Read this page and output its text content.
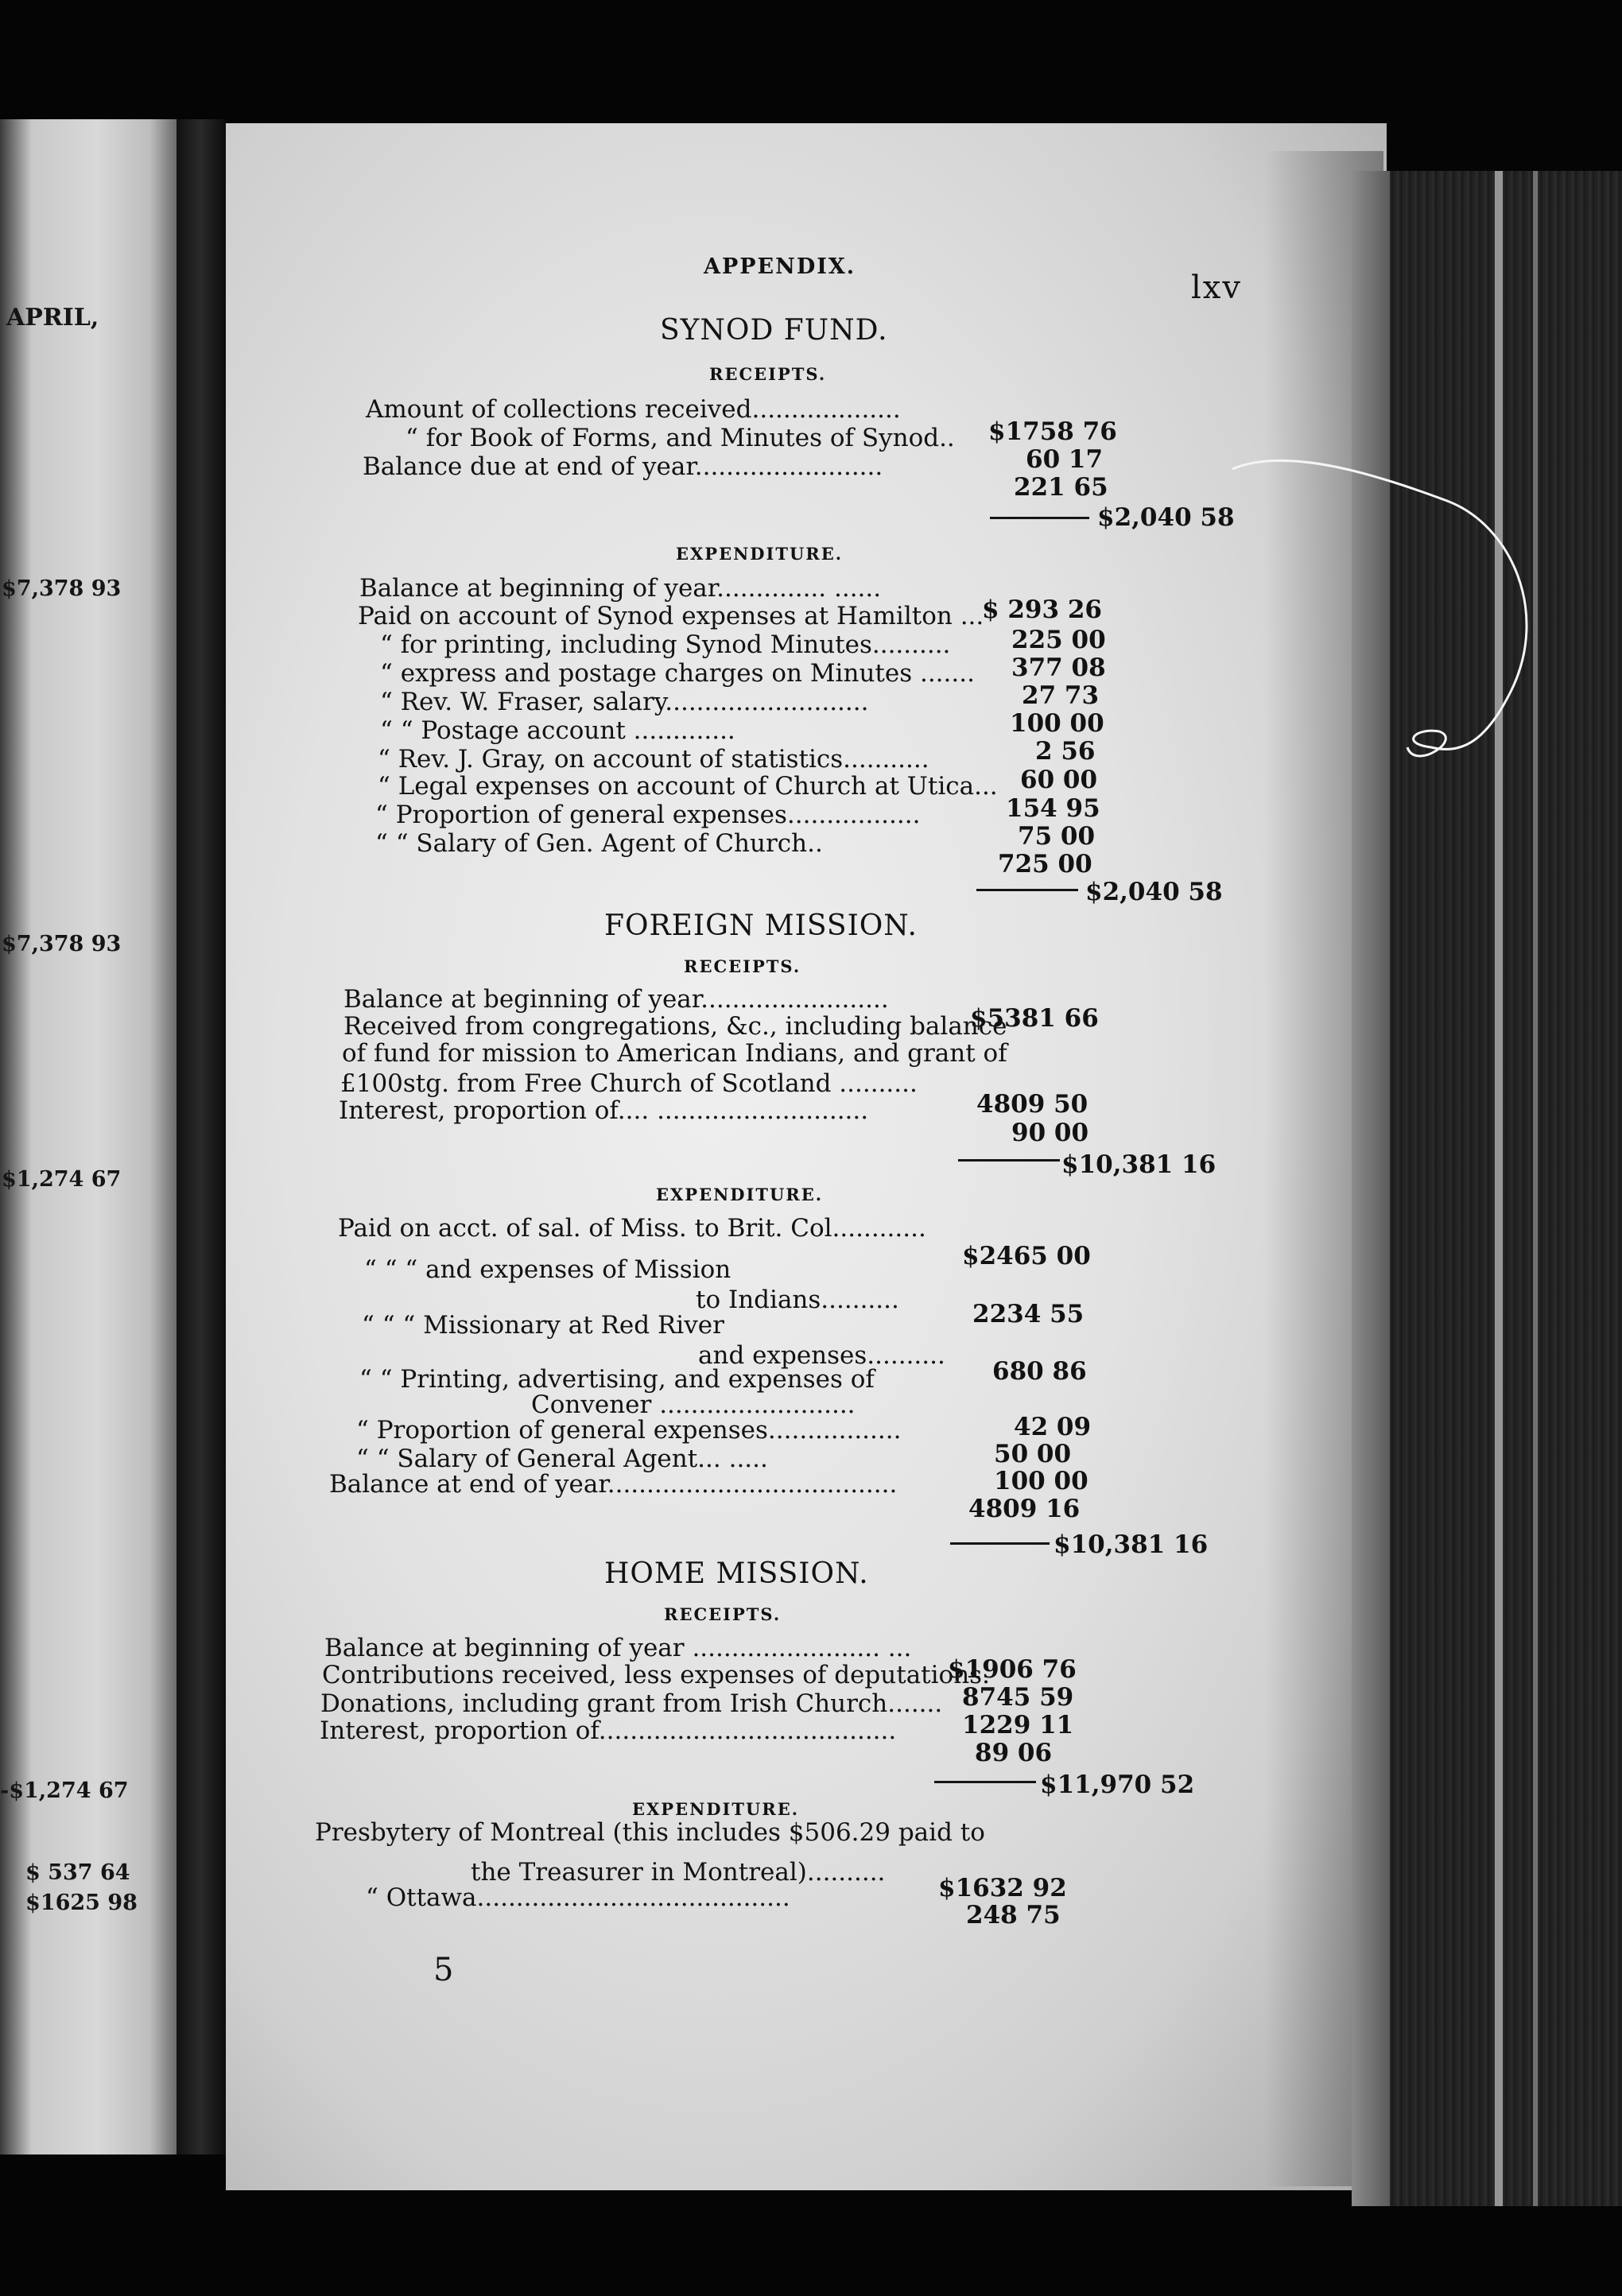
APRIL,
$7,378 93
$7,378 93
$1,274 67
-$1,274 67
$ 537 64
$1625 98
APPENDIX.
lxv
SYNOD FUND.
RECEIPTS.
Amount of collections received...................
$1758 76
“ for Book of Forms, and Minutes of Synod..
60 17
Balance due at end of year........................
221 65
$2,040 58
EXPENDITURE.
Balance at beginning of year.............. ......
$ 293 26
Paid on account of Synod expenses at Hamilton ...
225 00
“ for printing, including Synod Minutes..........
377 08
“ express and postage charges on Minutes .......
27 73
“ Rev. W. Fraser, salary..........................
100 00
“ “ Postage account .............
2 56
“ Rev. J. Gray, on account of statistics...........
60 00
“ Legal expenses on account of Church at Utica...
154 95
“ Proportion of general expenses.................
75 00
“ “ Salary of Gen. Agent of Church..
725 00
$2,040 58
FOREIGN MISSION.
RECEIPTS.
Balance at beginning of year........................
$5381 66
Received from congregations, &c., including balance
of fund for mission to American Indians, and grant of
£100stg. from Free Church of Scotland ..........
4809 50
Interest, proportion of.... ...........................
90 00
$10,381 16
EXPENDITURE.
Paid on acct. of sal. of Miss. to Brit. Col............
$2465 00
“ “ “ and expenses of Mission
to Indians..........	2234 55
“ “ “ Missionary at Red River
and expenses..........
680 86
“ “ Printing, advertising, and expenses of
Convener .........................
42 09
“ Proportion of general expenses.................
50 00
“ “ Salary of General Agent... .....
100 00
Balance at end of year.....................................
4809 16
$10,381 16
HOME MISSION.
RECEIPTS.
Balance at beginning of year ........................ ...
$1906 76
Contributions received, less expenses of deputations.
8745 59
Donations, including grant from Irish Church.......
1229 11
Interest, proportion of......................................
89 06
$11,970 52
EXPENDITURE.
Presbytery of Montreal (this includes $506.29 paid to
the Treasurer in Montreal)..........
$1632 92
“ Ottawa........................................
248 75
5
